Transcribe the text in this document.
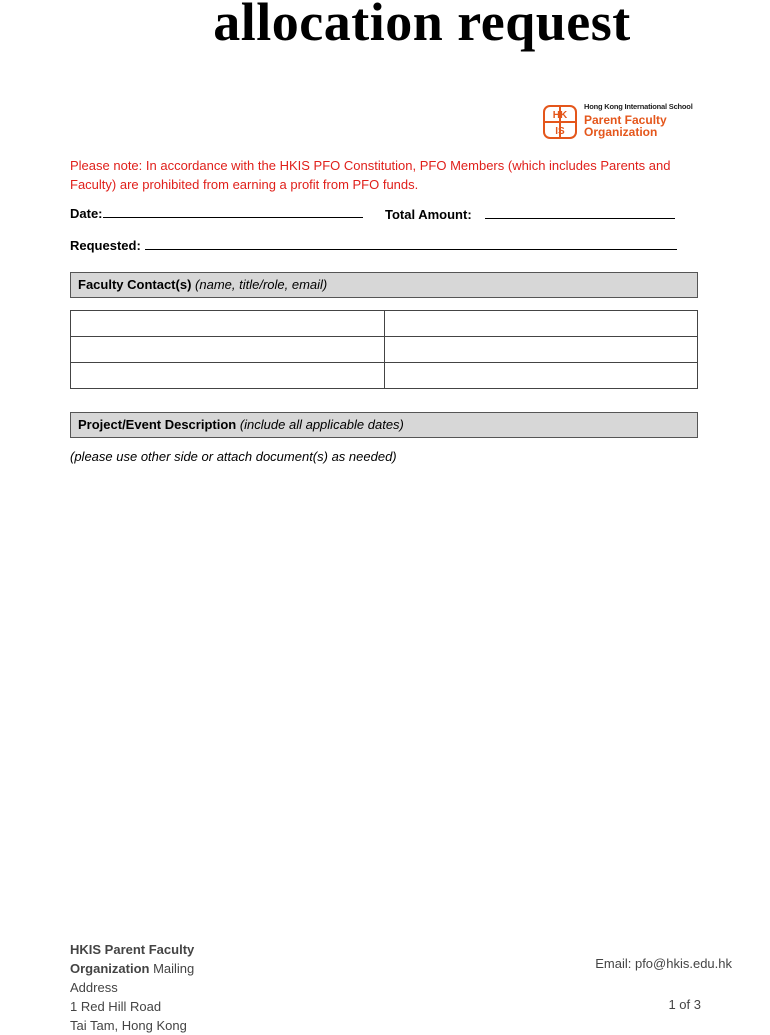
allocation request
HK
IS
Hong Kong International School
Parent Faculty
Organization
Please note: In accordance with the HKIS PFO Constitution, PFO Members (which includes Parents and Faculty) are prohibited from earning a profit from PFO funds.
Date:	Total Amount:
Requested:
Faculty Contact(s) (name, title/role, email)

Project/Event Description (include all applicable dates)
(please use other side or attach document(s) as needed)
HKIS Parent Faculty
Organization Mailing
Address
1 Red Hill Road
Tai Tam, Hong Kong
Email: pfo@hkis.edu.hk
1 of 3
